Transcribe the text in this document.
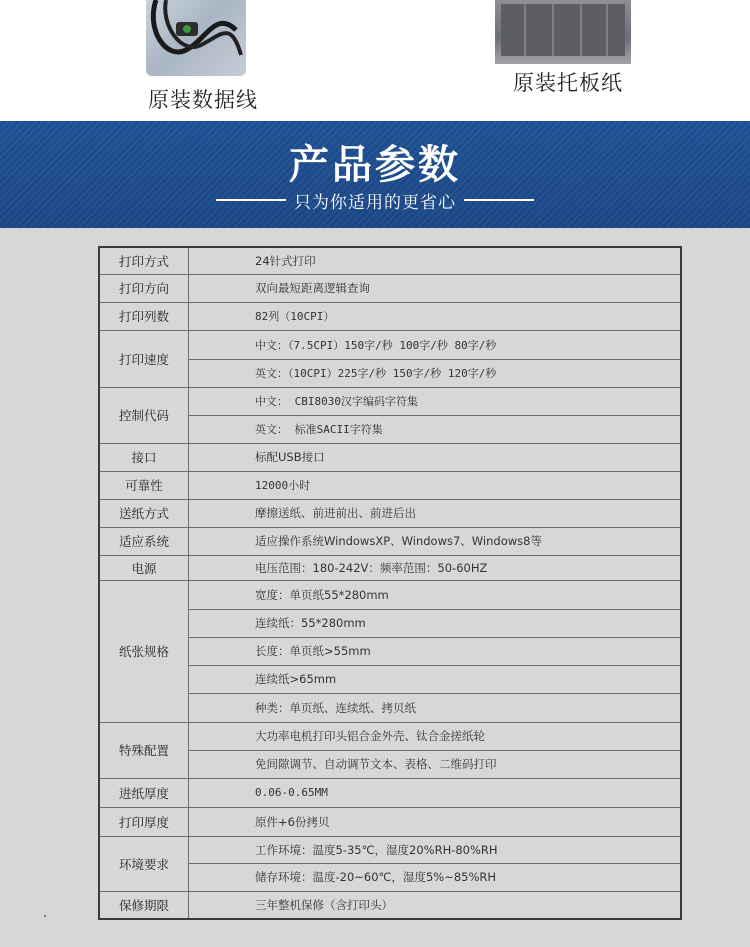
原装数据线
原装托板纸
产品参数
只为你适用的更省心
打印方式	24针式打印
打印方向	双向最短距离逻辑查询
打印列数	82列（10CPI）
打印速度	中文：（7.5CPI）150字/秒 100字/秒 80字/秒
	英文：（10CPI）225字/秒 150字/秒 120字/秒
控制代码	中文： CBI8030汉字编码字符集
	英文： 标准SACII字符集
接口	标配USB接口
可靠性	12000小时
送纸方式	摩擦送纸、前进前出、前进后出
适应系统	适应操作系统WindowsXP、Windows7、Windows8等
电源	电压范围：180-242V：频率范围：50-60HZ
纸张规格	宽度：单页纸55*280mm
	连续纸：55*280mm
	长度：单页纸>55mm
	连续纸>65mm
	种类：单页纸、连续纸、拷贝纸
特殊配置	大功率电机打印头铝合金外壳、钛合金搓纸轮
	免间隙调节、自动调节文本、表格、二维码打印
进纸厚度	0.06-0.65MM
打印厚度	原件+6份拷贝
环境要求	工作环境：温度5-35℃，湿度20%RH-80%RH
	储存环境：温度-20~60℃，湿度5%~85%RH
保修期限	三年整机保修（含打印头）
